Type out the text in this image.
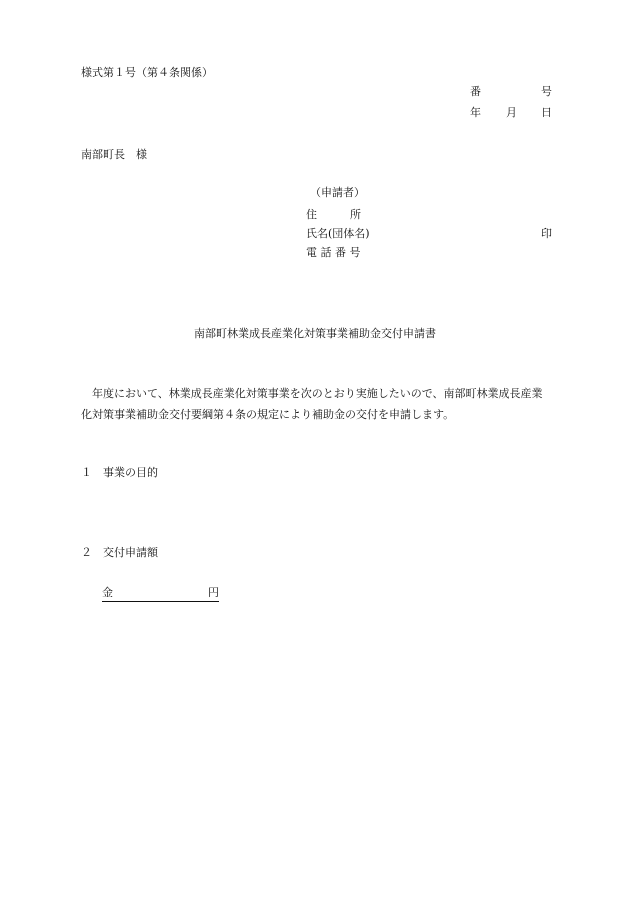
様式第１号（第４条関係）
番	号
年 月 日
南部町長 様
（申請者）
住　　　所
氏名(団体名)	印
電 話 番 号
南部町林業成長産業化対策事業補助金交付申請書
年度において、林業成長産業化対策事業を次のとおり実施したいので、南部町林業成長産業化対策事業補助金交付要綱第４条の規定により補助金の交付を申請します。
１ 事業の目的
２ 交付申請額
金	円
